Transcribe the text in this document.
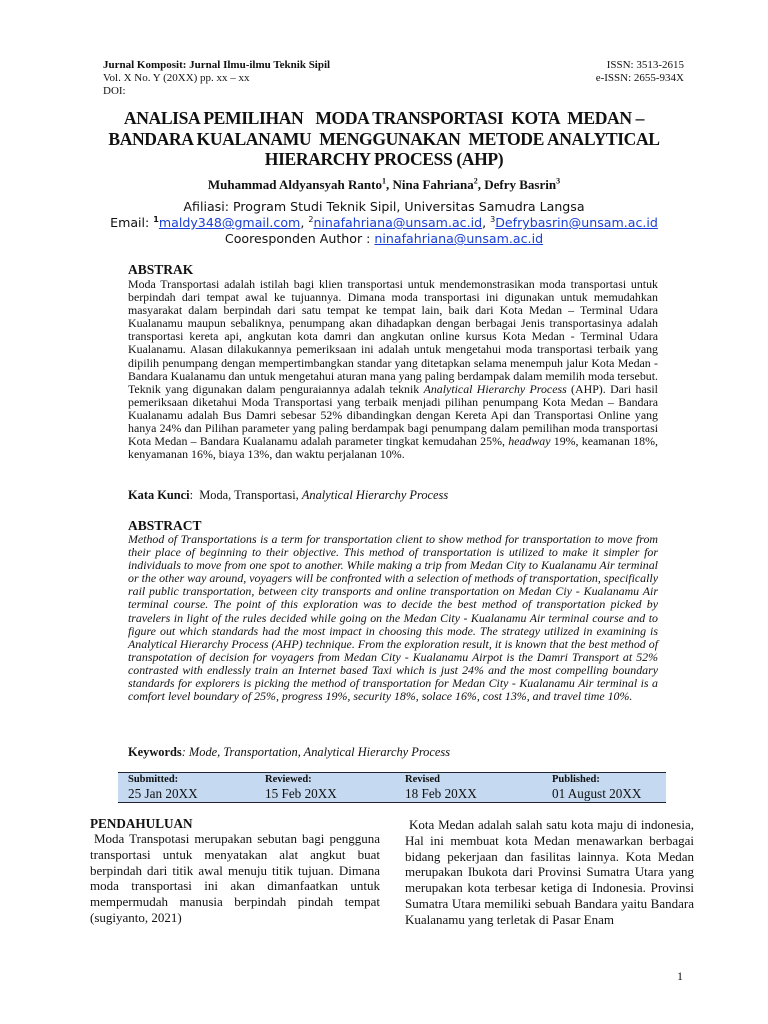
Jurnal Komposit: Jurnal Ilmu-ilmu Teknik Sipil
Vol. X No. Y (20XX) pp. xx – xx
DOI:
ISSN: 3513-2615
e-ISSN: 2655-934X
ANALISA PEMILIHAN   MODA TRANSPORTASI  KOTA  MEDAN –
BANDARA KUALANAMU  MENGGUNAKAN  METODE ANALYTICAL
HIERARCHY PROCESS (AHP)
Muhammad Aldyansyah Ranto$^1$, Nina Fahriana$^2$, Defry Basrin$^3$
Afiliasi: Program Studi Teknik Sipil, Universitas Samudra Langsa
Email: $^1$maldy348@gmail.com, $^2$ninafahriana@unsam.ac.id, $^3$Defrybasrin@unsam.ac.id
Cooresponden Author : ninafahriana@unsam.ac.id
ABSTRAK
Moda Transportasi adalah istilah bagi klien transportasi untuk mendemonstrasikan moda transportasi untuk berpindah dari tempat awal ke tujuannya. Dimana moda transportasi ini digunakan untuk memudahkan masyarakat dalam berpindah dari satu tempat ke tempat lain, baik dari Kota Medan – Terminal Udara Kualanamu maupun sebaliknya, penumpang akan dihadapkan dengan berbagai Jenis transportasinya adalah transportasi kereta api, angkutan kota damri dan angkutan online kursus Kota Medan - Terminal Udara Kualanamu. Alasan dilakukannya pemeriksaan ini adalah untuk mengetahui moda transportasi terbaik yang dipilih penumpang dengan mempertimbangkan standar yang ditetapkan selama menempuh jalur Kota Medan - Bandara Kualanamu dan untuk mengetahui aturan mana yang paling berdampak dalam memilih moda tersebut. Teknik yang digunakan dalam penguraiannya adalah teknik Analytical Hierarchy Process (AHP). Dari hasil pemeriksaan diketahui Moda Transportasi yang terbaik menjadi pilihan penumpang Kota Medan – Bandara Kualanamu adalah Bus Damri sebesar 52% dibandingkan dengan Kereta Api dan Transportasi Online yang hanya 24% dan Pilihan parameter yang paling berdampak bagi penumpang dalam pemilihan moda transportasi Kota Medan – Bandara Kualanamu adalah parameter tingkat kemudahan 25%, headway 19%, keamanan 18%, kenyamanan 16%, biaya 13%, dan waktu perjalanan 10%.
Kata Kunci:  Moda, Transportasi, Analytical Hierarchy Process
ABSTRACT
Method of Transportations is a term for transportation client to show method for transportation to move from their place of beginning to their objective. This method of transportation is utilized to make it simpler for individuals to move from one spot to another. While making a trip from Medan City to Kualanamu Air terminal or the other way around, voyagers will be confronted with a selection of methods of transportation, specifically rail public transportation, between city transports and online transportation on Medan Ciy - Kualanamu Air terminal course. The point of this exploration was to decide the best method of transportation picked by travelers in light of the rules decided while going on the Medan City - Kualanamu Air terminal course and to figure out which standards had the most impact in choosing this mode. The strategy utilized in examining is Analytical Hierarchy Process (AHP) technique. From the exploration result, it is known that the best method of transpotation of decision for voyagers from Medan City - Kualanamu Airpot is the Damri Transport at 52% contrasted with endlessly train an Internet based Taxi which is just 24% and the most compelling boundary standards for explorers is picking the method of transportation for Medan City - Kualanamu Air terminal is a comfort level boundary of 25%, progress 19%, security 18%, solace 16%, cost 13%, and travel time 10%.
Keywords: Mode, Transportation, Analytical Hierarchy Process
Submitted:
25 Jan 20XX
Reviewed:
15 Feb 20XX
Revised
18 Feb 20XX
Published:
01 August 20XX
PENDAHULUAN
Moda Transpotasi merupakan sebutan bagi pengguna transportasi untuk menyatakan alat angkut buat berpindah dari titik awal menuju titik tujuan. Dimana moda transportasi ini akan dimanfaatkan untuk mempermudah manusia berpindah pindah tempat (sugiyanto, 2021)
Kota Medan adalah salah satu kota maju di indonesia, Hal ini membuat kota Medan menawarkan berbagai bidang pekerjaan dan fasilitas lainnya. Kota Medan merupakan Ibukota dari Provinsi Sumatra Utara yang merupakan kota terbesar ketiga di Indonesia. Provinsi Sumatra Utara memiliki sebuah Bandara yaitu Bandara Kualanamu yang terletak di Pasar Enam
1
